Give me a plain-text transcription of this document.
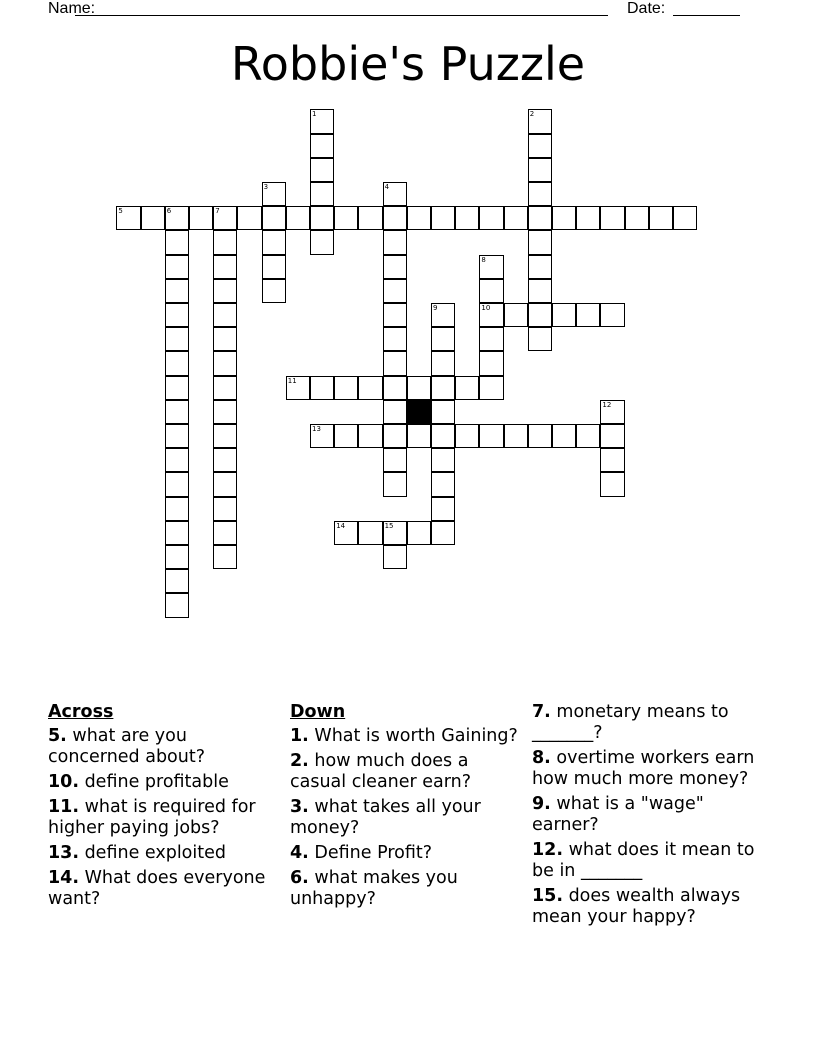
Name:	Date:
Robbie's Puzzle
1	2
3	4
5	6	7
8
10
9
11
12
13
14	15
Across
5. what are you concerned about?
10. define profitable
11. what is required for higher paying jobs?
13. define exploited
14. What does everyone want?
Down
1. What is worth Gaining?
2. how much does a casual cleaner earn?
3. what takes all your money?
4. Define Profit?
6. what makes you unhappy?
7. monetary means to _______?
8. overtime workers earn how much more money?
9. what is a "wage" earner?
12. what does it mean to be in _______
15. does wealth always mean your happy?
